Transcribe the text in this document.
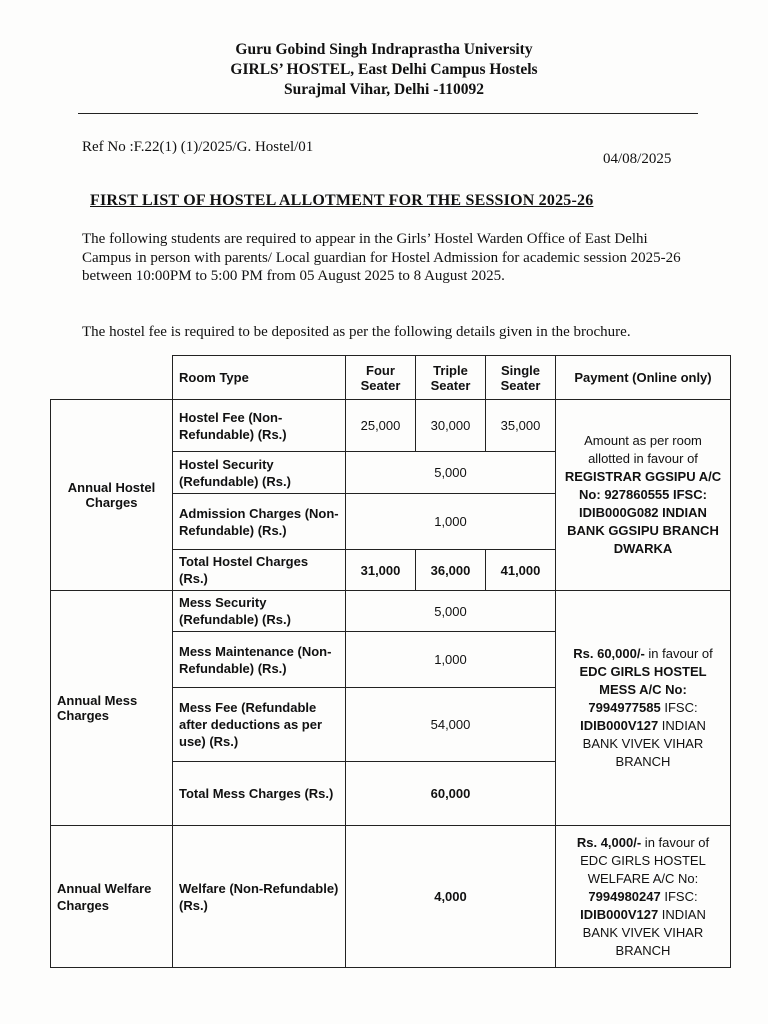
Guru Gobind Singh Indraprastha University
GIRLS’ HOSTEL, East Delhi Campus Hostels
Surajmal Vihar, Delhi -110092
Ref No :F.22(1) (1)/2025/G. Hostel/01
04/08/2025
FIRST LIST OF HOSTEL ALLOTMENT FOR THE SESSION 2025-26
The following students are required to appear in the Girls’ Hostel Warden Office of East Delhi Campus in person with parents/ Local guardian for Hostel Admission for academic session 2025-26 between 10:00PM to 5:00 PM from 05 August 2025 to 8 August 2025.
The hostel fee is required to be deposited as per the following details given in the brochure.
	Room Type	Four Seater	Triple Seater	Single Seater	Payment (Online only)
Annual Hostel Charges	Hostel Fee (Non-Refundable) (Rs.)	25,000	30,000	35,000	Amount as per room allotted in favour of
REGISTRAR GGSIPU A/C No: 927860555 IFSC: IDIB000G082 INDIAN BANK GGSIPU BRANCH DWARKA
	Hostel Security (Refundable) (Rs.)	5,000			
	Admission Charges (Non-Refundable) (Rs.)	1,000			
	Total Hostel Charges (Rs.)	31,000	36,000	41,000	
Annual Mess Charges	Mess Security (Refundable) (Rs.)	5,000			Rs. 60,000/- in favour of EDC GIRLS HOSTEL MESS A/C No: 7994977585 IFSC: IDIB000V127 INDIAN BANK VIVEK VIHAR BRANCH
	Mess Maintenance (Non-Refundable) (Rs.)	1,000			
	Mess Fee (Refundable after deductions as per use) (Rs.)	54,000			
	Total Mess Charges (Rs.)	60,000			
Annual Welfare Charges	Welfare (Non-Refundable) (Rs.)	4,000			Rs. 4,000/- in favour of EDC GIRLS HOSTEL WELFARE A/C No: 7994980247 IFSC: IDIB000V127 INDIAN BANK VIVEK VIHAR BRANCH
